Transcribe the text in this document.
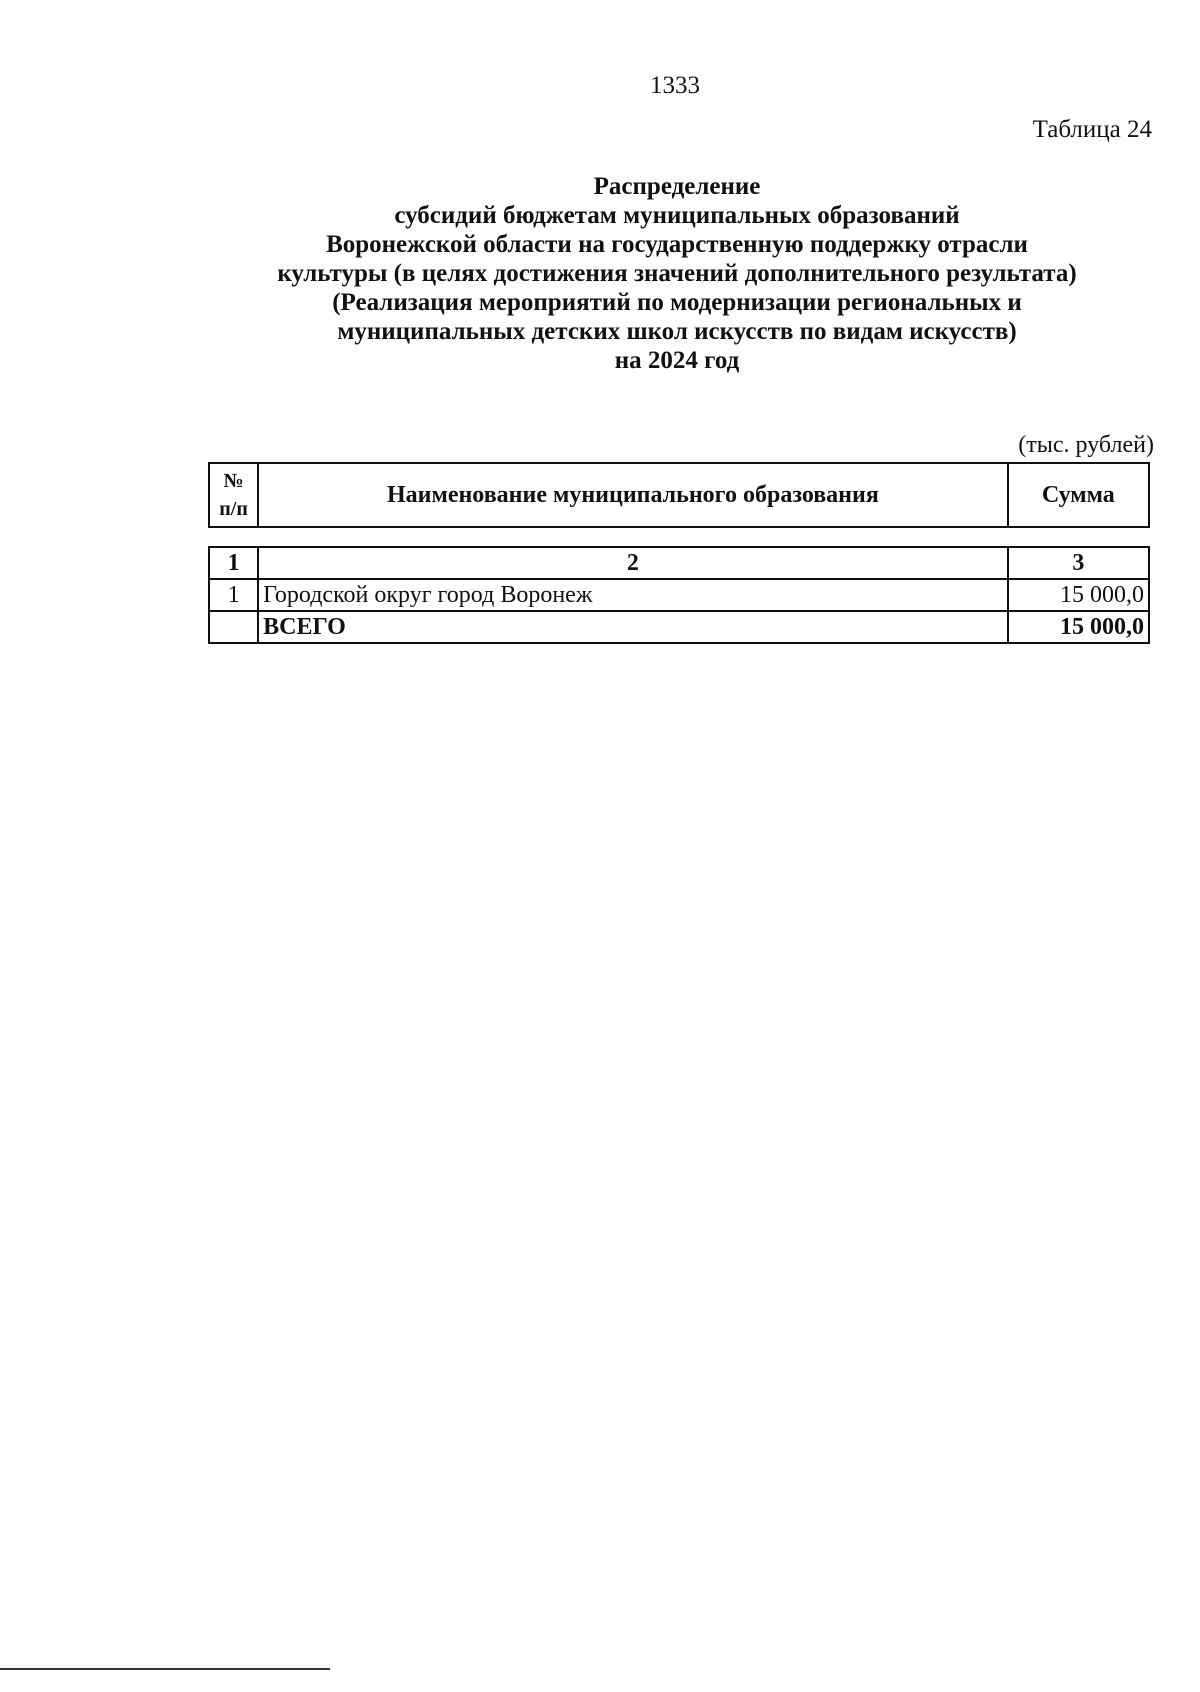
1333
Таблица 24
Распределение
субсидий бюджетам муниципальных образований
Воронежской области на государственную поддержку отрасли
культуры (в целях достижения значений дополнительного результата)
(Реализация мероприятий по модернизации региональных и
муниципальных детских школ искусств по видам искусств)
на 2024 год
(тыс. рублей)
№
п/п
	Наименование муниципального образования	Сумма
1	2	3
1	Городской округ город Воронеж	15 000,0
	ВСЕГО	15 000,0
